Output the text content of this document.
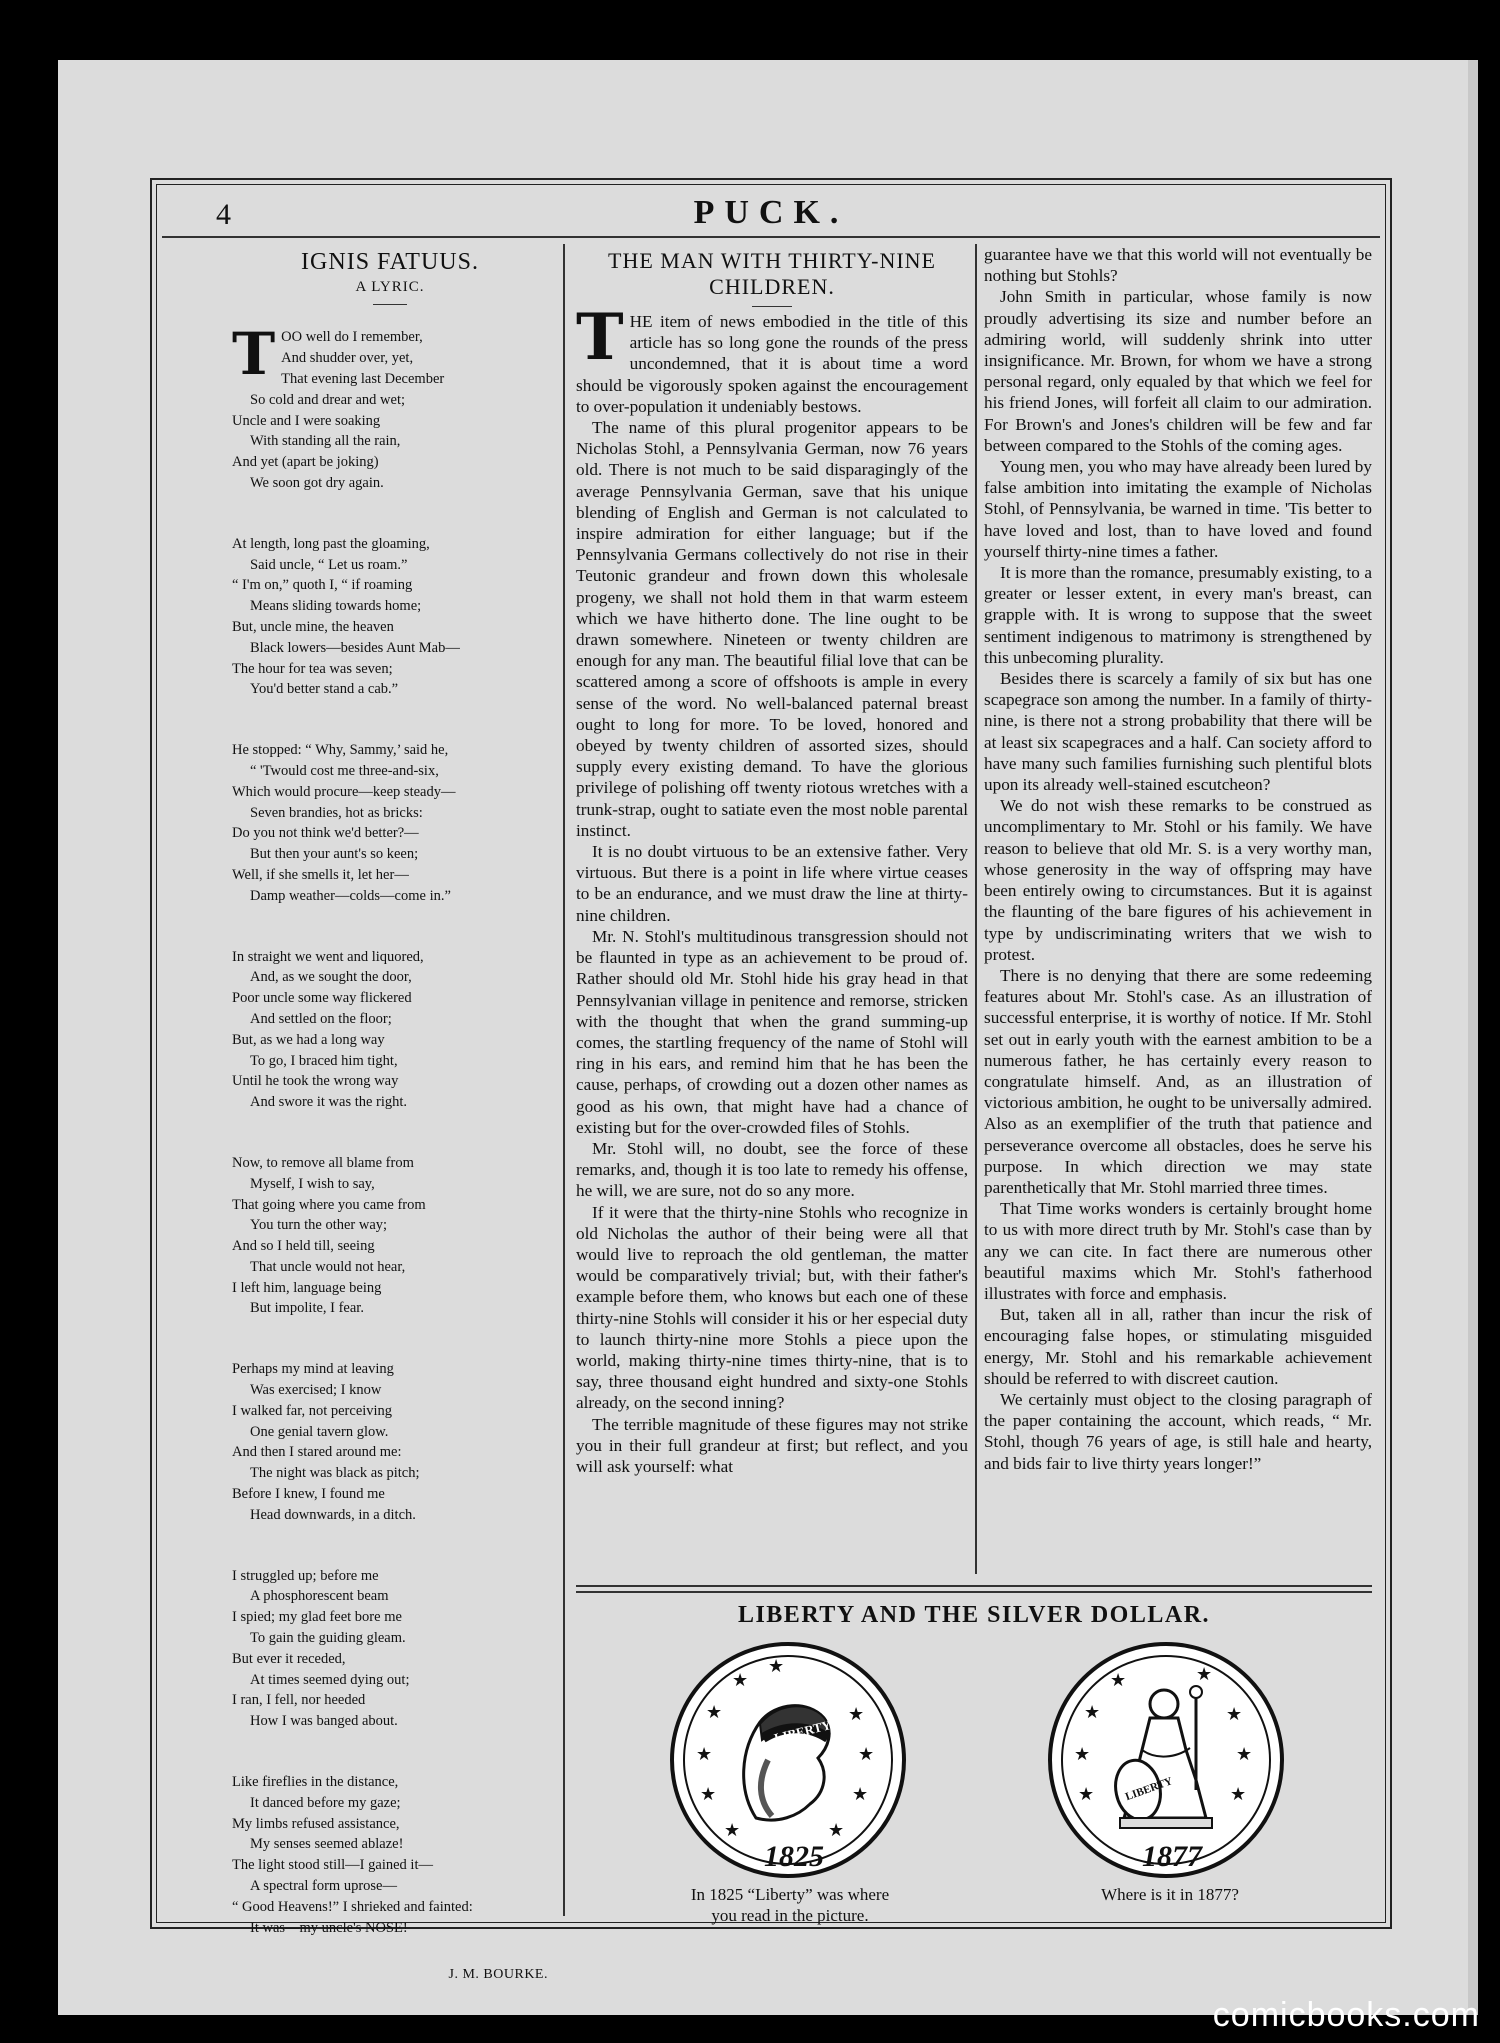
4	PUCK.
IGNIS FATUUS.
A LYRIC.
T OO well do I remember,
And shudder over, yet,
That evening last December
So cold and drear and wet;
Uncle and I were soaking
With standing all the rain,
And yet (apart be joking)
We soon got dry again.
At length, long past the gloaming,
Said uncle, “ Let us roam.”
“ I'm on,” quoth I, “ if roaming
Means sliding towards home;
But, uncle mine, the heaven
Black lowers—besides Aunt Mab—
The hour for tea was seven;
You'd better stand a cab.”
He stopped: “ Why, Sammy,’ said he,
“ 'Twould cost me three-and-six,
Which would procure—keep steady—
Seven brandies, hot as bricks:
Do you not think we'd better?—
But then your aunt's so keen;
Well, if she smells it, let her—
Damp weather—colds—come in.”
In straight we went and liquored,
And, as we sought the door,
Poor uncle some way flickered
And settled on the floor;
But, as we had a long way
To go, I braced him tight,
Until he took the wrong way
And swore it was the right.
Now, to remove all blame from
Myself, I wish to say,
That going where you came from
You turn the other way;
And so I held till, seeing
That uncle would not hear,
I left him, language being
But impolite, I fear.
Perhaps my mind at leaving
Was exercised; I know
I walked far, not perceiving
One genial tavern glow.
And then I stared around me:
The night was black as pitch;
Before I knew, I found me
Head downwards, in a ditch.
I struggled up; before me
A phosphorescent beam
I spied; my glad feet bore me
To gain the guiding gleam.
But ever it receded,
At times seemed dying out;
I ran, I fell, nor heeded
How I was banged about.
Like fireflies in the distance,
It danced before my gaze;
My limbs refused assistance,
My senses seemed ablaze!
The light stood still—I gained it—
A spectral form uprose—
“ Good Heavens!” I shrieked and fainted:
It was—my uncle's NOSE!
J. M. BOURKE.
THE MAN WITH THIRTY-NINE
CHILDREN.

THE item of news embodied in the title of this article has so long gone the rounds of the press uncondemned, that it is about time a word should be vigorously spoken against the encouragement to over-population it undeniably bestows.

The name of this plural progenitor appears to be Nicholas Stohl, a Pennsylvania German, now 76 years old. There is not much to be said disparagingly of the average Pennsylvania German, save that his unique blending of English and German is not calculated to inspire admiration for either language; but if the Pennsylvania Germans collectively do not rise in their Teutonic grandeur and frown down this wholesale progeny, we shall not hold them in that warm esteem which we have hitherto done. The line ought to be drawn somewhere. Nineteen or twenty children are enough for any man. The beautiful filial love that can be scattered among a score of offshoots is ample in every sense of the word. No well-balanced paternal breast ought to long for more. To be loved, honored and obeyed by twenty children of assorted sizes, should supply every existing demand. To have the glorious privilege of polishing off twenty riotous wretches with a trunk-strap, ought to satiate even the most noble parental instinct.

It is no doubt virtuous to be an extensive father. Very virtuous. But there is a point in life where virtue ceases to be an endurance, and we must draw the line at thirty-nine children.

Mr. N. Stohl's multitudinous transgression should not be flaunted in type as an achievement to be proud of. Rather should old Mr. Stohl hide his gray head in that Pennsylvanian village in penitence and remorse, stricken with the thought that when the grand summing-up comes, the startling frequency of the name of Stohl will ring in his ears, and remind him that he has been the cause, perhaps, of crowding out a dozen other names as good as his own, that might have had a chance of existing but for the over-crowded files of Stohls.

Mr. Stohl will, no doubt, see the force of these remarks, and, though it is too late to remedy his offense, he will, we are sure, not do so any more.

If it were that the thirty-nine Stohls who recognize in old Nicholas the author of their being were all that would live to reproach the old gentleman, the matter would be comparatively trivial; but, with their father's example before them, who knows but each one of these thirty-nine Stohls will consider it his or her especial duty to launch thirty-nine more Stohls a piece upon the world, making thirty-nine times thirty-nine, that is to say, three thousand eight hundred and sixty-one Stohls already, on the second inning?

The terrible magnitude of these figures may not strike you in their full grandeur at first; but reflect, and you will ask yourself: what

guarantee have we that this world will not eventually be nothing but Stohls?

John Smith in particular, whose family is now proudly advertising its size and number before an admiring world, will suddenly shrink into utter insignificance. Mr. Brown, for whom we have a strong personal regard, only equaled by that which we feel for his friend Jones, will forfeit all claim to our admiration. For Brown's and Jones's children will be few and far between compared to the Stohls of the coming ages.

Young men, you who may have already been lured by false ambition into imitating the example of Nicholas Stohl, of Pennsylvania, be warned in time. 'Tis better to have loved and lost, than to have loved and found yourself thirty-nine times a father.

It is more than the romance, presumably existing, to a greater or lesser extent, in every man's breast, can grapple with. It is wrong to suppose that the sweet sentiment indigenous to matrimony is strengthened by this unbecoming plurality.

Besides there is scarcely a family of six but has one scapegrace son among the number. In a family of thirty-nine, is there not a strong probability that there will be at least six scapegraces and a half. Can society afford to have many such families furnishing such plentiful blots upon its already well-stained escutcheon?

We do not wish these remarks to be construed as uncomplimentary to Mr. Stohl or his family. We have reason to believe that old Mr. S. is a very worthy man, whose generosity in the way of offspring may have been entirely owing to circumstances. But it is against the flaunting of the bare figures of his achievement in type by undiscriminating writers that we wish to protest.

There is no denying that there are some redeeming features about Mr. Stohl's case. As an illustration of successful enterprise, it is worthy of notice. If Mr. Stohl set out in early youth with the earnest ambition to be a numerous father, he has certainly every reason to congratulate himself. And, as an illustration of victorious ambition, he ought to be universally admired. Also as an exemplifier of the truth that patience and perseverance overcome all obstacles, does he serve his purpose. In which direction we may state parenthetically that Mr. Stohl married three times.

That Time works wonders is certainly brought home to us with more direct truth by Mr. Stohl's case than by any we can cite. In fact there are numerous other beautiful maxims which Mr. Stohl's fatherhood illustrates with force and emphasis.

But, taken all in all, rather than incur the risk of encouraging false hopes, or stimulating misguided energy, Mr. Stohl and his remarkable achievement should be referred to with discreet caution.

We certainly must object to the closing paragraph of the paper containing the account, which reads, “ Mr. Stohl, though 76 years of age, is still hale and hearty, and bids fair to live thirty years longer!”

LIBERTY AND THE SILVER DOLLAR.
★
★
★
★
★
★
★
★
★	★
LIBERTY
1825
★
★
★
★
★
★
★
★
LIBERTY
1877
In 1825 “Liberty” was where
you read in the picture.
Where is it in 1877?
comicbooks.com
